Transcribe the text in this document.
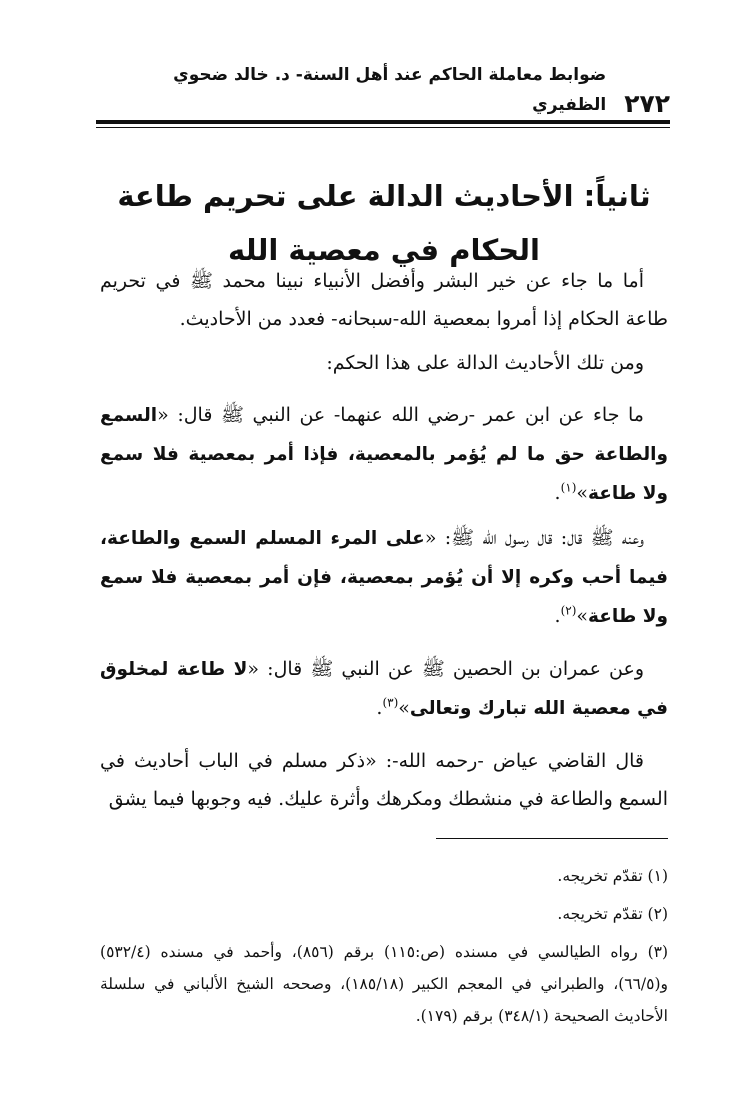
٢٧٢
ضوابط معاملة الحاكم عند أهل السنة- د. خالد ضحوي الظفيري
ثانياً: الأحاديث الدالة على تحريم طاعة الحكام في معصية الله

أما ما جاء عن خير البشر وأفضل الأنبياء نبينا محمد ﷺ في تحريم طاعة الحكام إذا أمروا بمعصية الله-سبحانه- فعدد من الأحاديث.

ومن تلك الأحاديث الدالة على هذا الحكم:

ما جاء عن ابن عمر -رضي الله عنهما- عن النبي ﷺ قال: «السمع والطاعة حق ما لم يُؤمر بالمعصية، فإذا أمر بمعصية فلا سمع ولا طاعة»$^{(١)}$.

وعنه ﷺ قال: قال رسول الله ﷺ: «على المرء المسلم السمع والطاعة، فيما أحب وكره إلا أن يُؤمر بمعصية، فإن أمر بمعصية فلا سمع ولا طاعة»$^{(٢)}$.

وعن عمران بن الحصين ﷺ عن النبي ﷺ قال: «لا طاعة لمخلوق في معصية الله تبارك وتعالى»$^{(٣)}$.

قال القاضي عياض -رحمه الله-: «ذكر مسلم في الباب أحاديث في السمع والطاعة في منشطك ومكرهك وأثرة عليك. فيه وجوبها فيما يشق

(١) تقدّم تخريجه.

(٢) تقدّم تخريجه.

(٣) رواه الطيالسي في مسنده (ص:١١٥) برقم (٨٥٦)، وأحمد في مسنده (٥٣٢/٤) و(٦٦/٥)، والطبراني في المعجم الكبير (١٨٥/١٨)، وصححه الشيخ الألباني في سلسلة الأحاديث الصحيحة (٣٤٨/١) برقم (١٧٩).
